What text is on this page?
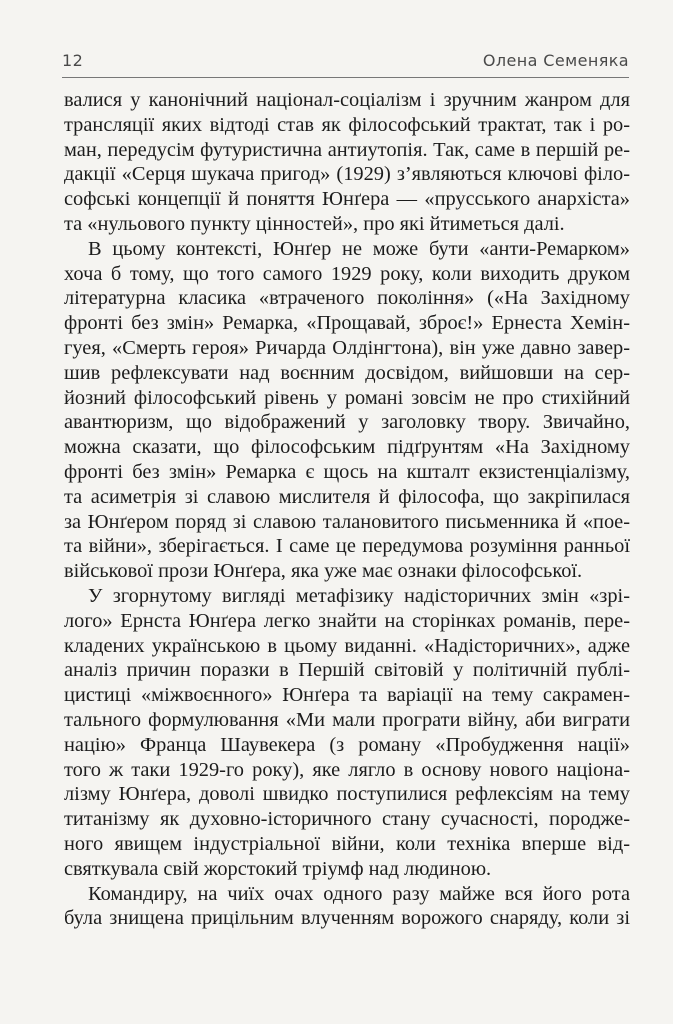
12	Олена Семеняка
валися у канонічний націонал-соціалізм і зручним жанром для
трансляції яких відтоді став як філософський трактат, так і ро-
ман, передусім футуристична антиутопія. Так, саме в першій ре-
дакції «Серця шукача пригод» (1929) з’являються ключові філо-
софські концепції й поняття Юнґера — «прусського анархіста»
та «нульового пункту цінностей», про які йтиметься далі.
В цьому контексті, Юнґер не може бути «анти-Ремарком»
хоча б тому, що того самого 1929 року, коли виходить друком
літературна класика «втраченого покоління» («На Західному
фронті без змін» Ремарка, «Прощавай, зброє!» Ернеста Хемін-
гуея, «Смерть героя» Ричарда Олдінгтона), він уже давно завер-
шив рефлексувати над воєнним досвідом, вийшовши на сер-
йозний філософський рівень у романі зовсім не про стихійний
авантюризм, що відображений у заголовку твору. Звичайно,
можна сказати, що філософським підґрунтям «На Західному
фронті без змін» Ремарка є щось на кшталт екзистенціалізму,
та асиметрія зі славою мислителя й філософа, що закріпилася
за Юнґером поряд зі славою талановитого письменника й «поe-
та війни», зберігається. І саме це передумова розуміння ранньої
військової прози Юнґера, яка уже має ознаки філософської.
У згорнутому вигляді метафізику надісторичних змін «зрі-
лого» Ернста Юнґера легко знайти на сторінках романів, пере-
кладених українською в цьому виданні. «Надісторичних», адже
аналіз причин поразки в Першій світовій у політичній публі-
цистиці «міжвоєнного» Юнґера та варіації на тему сакрамен-
тального формулювання «Ми мали програти війну, аби виграти
націю» Франца Шаувекера (з роману «Пробудження нації»
того ж таки 1929-го року), яке лягло в основу нового націона-
лізму Юнґера, доволі швидко поступилися рефлексіям на тему
титанізму як духовно-історичного стану сучасності, породже-
ного явищем індустріальної війни, коли техніка вперше від-
святкувала свій жорстокий тріумф над людиною.
Командиру, на чиїх очах одного разу майже вся його рота
була знищена прицільним влученням ворожого снаряду, коли зі
